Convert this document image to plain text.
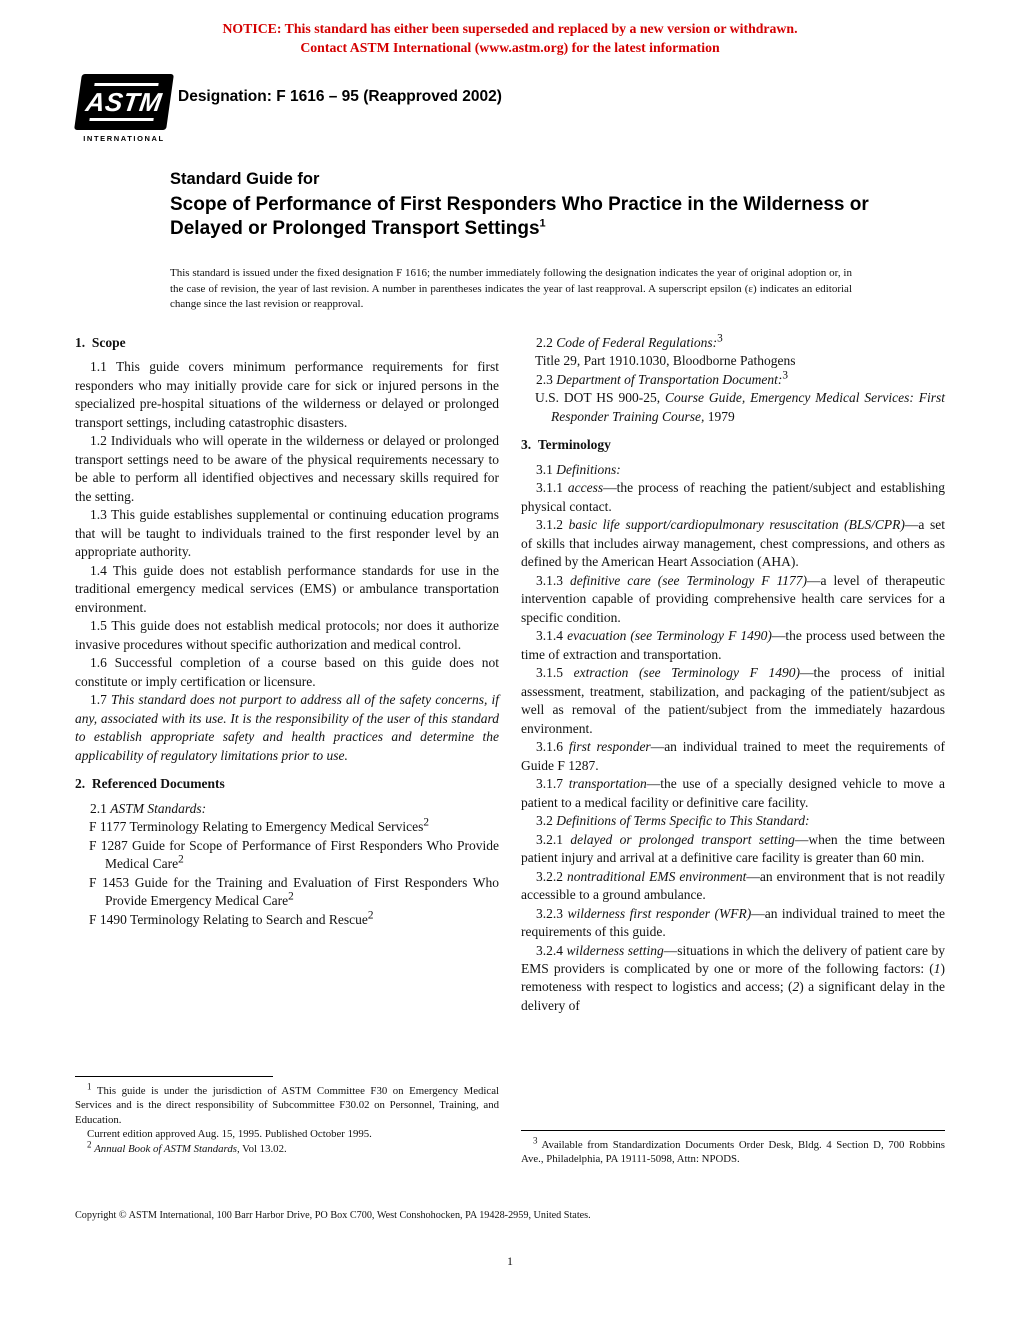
NOTICE: This standard has either been superseded and replaced by a new version or withdrawn.
Contact ASTM International (www.astm.org) for the latest information
ASTM
INTERNATIONAL
Designation: F 1616 – 95 (Reapproved 2002)
Standard Guide for
Scope of Performance of First Responders Who Practice in the Wilderness or Delayed or Prolonged Transport Settings$^1$
This standard is issued under the fixed designation F 1616; the number immediately following the designation indicates the year of original adoption or, in the case of revision, the year of last revision. A number in parentheses indicates the year of last reapproval. A superscript epsilon (ε) indicates an editorial change since the last revision or reapproval.
1. Scope
1.1 This guide covers minimum performance requirements for first responders who may initially provide care for sick or injured persons in the specialized pre-hospital situations of the wilderness or delayed or prolonged transport settings, including catastrophic disasters.
1.2 Individuals who will operate in the wilderness or delayed or prolonged transport settings need to be aware of the physical requirements necessary to be able to perform all identified objectives and necessary skills required for the setting.
1.3 This guide establishes supplemental or continuing education programs that will be taught to individuals trained to the first responder level by an appropriate authority.
1.4 This guide does not establish performance standards for use in the traditional emergency medical services (EMS) or ambulance transportation environment.
1.5 This guide does not establish medical protocols; nor does it authorize invasive procedures without specific authorization and medical control.
1.6 Successful completion of a course based on this guide does not constitute or imply certification or licensure.
1.7 This standard does not purport to address all of the safety concerns, if any, associated with its use. It is the responsibility of the user of this standard to establish appropriate safety and health practices and determine the applicability of regulatory limitations prior to use.
2. Referenced Documents
2.1 ASTM Standards:
F 1177 Terminology Relating to Emergency Medical Services$^2$
F 1287 Guide for Scope of Performance of First Responders Who Provide Medical Care$^2$
F 1453 Guide for the Training and Evaluation of First Responders Who Provide Emergency Medical Care$^2$
F 1490 Terminology Relating to Search and Rescue$^2$
2.2 Code of Federal Regulations:$^3$
Title 29, Part 1910.1030, Bloodborne Pathogens
2.3 Department of Transportation Document:$^3$
U.S. DOT HS 900-25, Course Guide, Emergency Medical Services: First Responder Training Course, 1979
3. Terminology
3.1 Definitions:
3.1.1 access—the process of reaching the patient/subject and establishing physical contact.
3.1.2 basic life support/cardiopulmonary resuscitation (BLS/CPR)—a set of skills that includes airway management, chest compressions, and others as defined by the American Heart Association (AHA).
3.1.3 definitive care (see Terminology F 1177)—a level of therapeutic intervention capable of providing comprehensive health care services for a specific condition.
3.1.4 evacuation (see Terminology F 1490)—the process used between the time of extraction and transportation.
3.1.5 extraction (see Terminology F 1490)—the process of initial assessment, treatment, stabilization, and packaging of the patient/subject as well as removal of the patient/subject from the immediately hazardous environment.
3.1.6 first responder—an individual trained to meet the requirements of Guide F 1287.
3.1.7 transportation—the use of a specially designed vehicle to move a patient to a medical facility or definitive care facility.
3.2 Definitions of Terms Specific to This Standard:
3.2.1 delayed or prolonged transport setting—when the time between patient injury and arrival at a definitive care facility is greater than 60 min.
3.2.2 nontraditional EMS environment—an environment that is not readily accessible to a ground ambulance.
3.2.3 wilderness first responder (WFR)—an individual trained to meet the requirements of this guide.
3.2.4 wilderness setting—situations in which the delivery of patient care by EMS providers is complicated by one or more of the following factors: (1) remoteness with respect to logistics and access; (2) a significant delay in the delivery of
$^1$ This guide is under the jurisdiction of ASTM Committee F30 on Emergency Medical Services and is the direct responsibility of Subcommittee F30.02 on Personnel, Training, and Education.
Current edition approved Aug. 15, 1995. Published October 1995.
$^2$ Annual Book of ASTM Standards, Vol 13.02.
$^3$ Available from Standardization Documents Order Desk, Bldg. 4 Section D, 700 Robbins Ave., Philadelphia, PA 19111-5098, Attn: NPODS.
Copyright © ASTM International, 100 Barr Harbor Drive, PO Box C700, West Conshohocken, PA 19428-2959, United States.
1
